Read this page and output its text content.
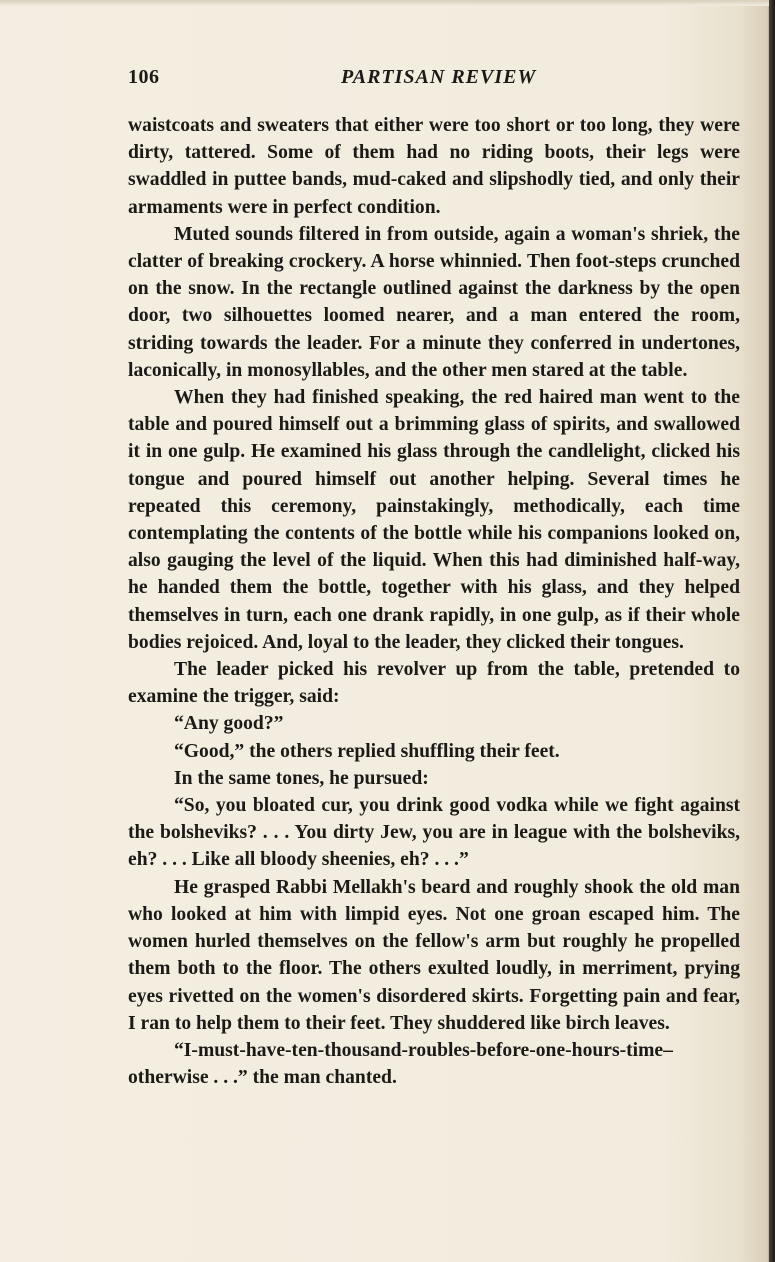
106	PARTISAN REVIEW

waistcoats and sweaters that either were too short or too long, they were dirty, tattered. Some of them had no riding boots, their legs were swaddled in puttee bands, mud-caked and slipshodly tied, and only their armaments were in perfect condition.

Muted sounds filtered in from outside, again a woman's shriek, the clatter of breaking crockery. A horse whinnied. Then foot-steps crunched on the snow. In the rectangle outlined against the darkness by the open door, two silhouettes loomed nearer, and a man entered the room, striding towards the leader. For a minute they conferred in undertones, laconically, in monosyllables, and the other men stared at the table.

When they had finished speaking, the red haired man went to the table and poured himself out a brimming glass of spirits, and swallowed it in one gulp. He examined his glass through the candlelight, clicked his tongue and poured himself out another helping. Several times he repeated this ceremony, painstakingly, methodically, each time contemplating the contents of the bottle while his companions looked on, also gauging the level of the liquid. When this had diminished half-way, he handed them the bottle, together with his glass, and they helped themselves in turn, each one drank rapidly, in one gulp, as if their whole bodies rejoiced. And, loyal to the leader, they clicked their tongues.

The leader picked his revolver up from the table, pretended to examine the trigger, said:

“Any good?”

“Good,” the others replied shuffling their feet.

In the same tones, he pursued:

“So, you bloated cur, you drink good vodka while we fight against the bolsheviks? . . . You dirty Jew, you are in league with the bolsheviks, eh? . . . Like all bloody sheenies, eh? . . .”

He grasped Rabbi Mellakh's beard and roughly shook the old man who looked at him with limpid eyes. Not one groan escaped him. The women hurled themselves on the fellow's arm but roughly he propelled them both to the floor. The others exulted loudly, in merriment, prying eyes rivetted on the women's disordered skirts. Forgetting pain and fear, I ran to help them to their feet. They shuddered like birch leaves.

“I-must-have-ten-thousand-roubles-before-one-hours-time–otherwise . . .” the man chanted.
